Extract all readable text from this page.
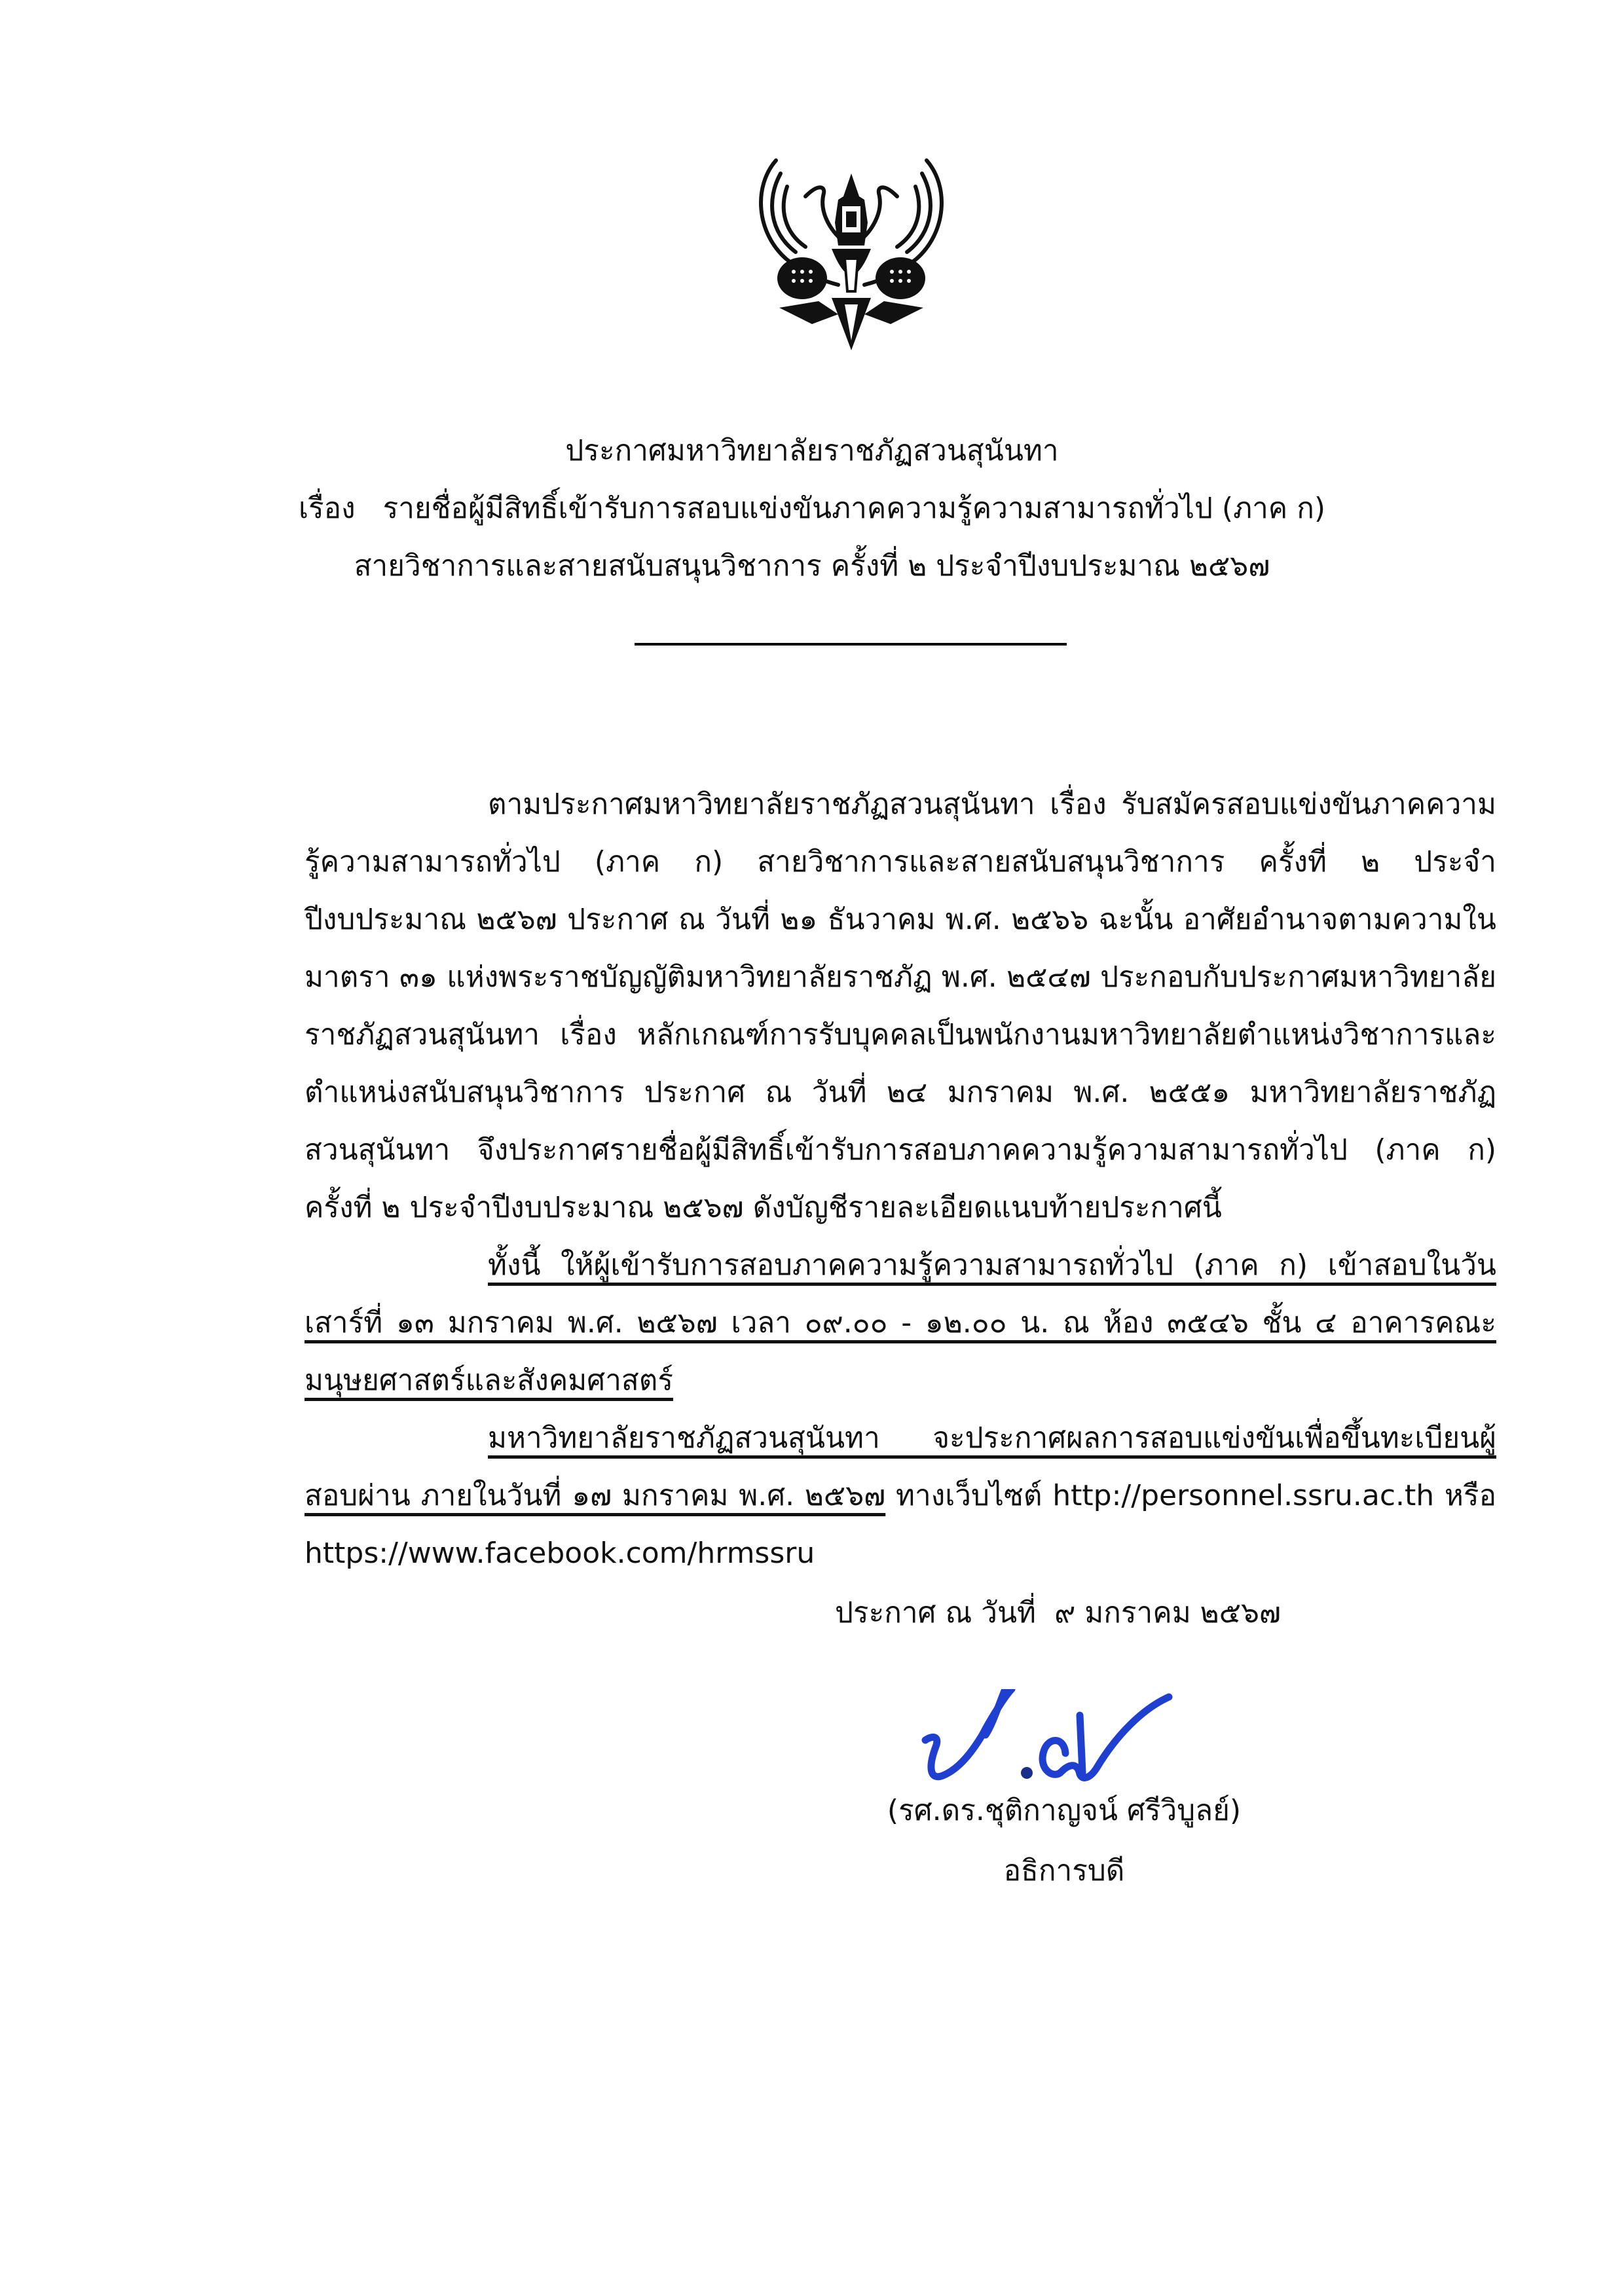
ประกาศมหาวิทยาลัยราชภัฏสวนสุนันทา
เรื่อง รายชื่อผู้มีสิทธิ์เข้ารับการสอบแข่งขันภาคความรู้ความสามารถทั่วไป (ภาค ก)
สายวิชาการและสายสนับสนุนวิชาการ ครั้งที่ ๒ ประจำปีงบประมาณ ๒๕๖๗

ตามประกาศมหาวิทยาลัยราชภัฏสวนสุนันทา เรื่อง รับสมัครสอบแข่งขันภาคความรู้ความสามารถทั่วไป (ภาค ก) สายวิชาการและสายสนับสนุนวิชาการ ครั้งที่ ๒ ประจำปีงบประมาณ ๒๕๖๗ ประกาศ ณ วันที่ ๒๑ ธันวาคม พ.ศ. ๒๕๖๖ ฉะนั้น อาศัยอำนาจตามความในมาตรา ๓๑ แห่งพระราชบัญญัติมหาวิทยาลัยราชภัฏ พ.ศ. ๒๕๔๗ ประกอบกับประกาศมหาวิทยาลัยราชภัฏสวนสุนันทา เรื่อง หลักเกณฑ์การรับบุคคลเป็นพนักงานมหาวิทยาลัยตำแหน่งวิชาการและตำแหน่งสนับสนุนวิชาการ ประกาศ ณ วันที่ ๒๔ มกราคม พ.ศ. ๒๕๕๑ มหาวิทยาลัยราชภัฏสวนสุนันทา จึงประกาศรายชื่อผู้มีสิทธิ์เข้ารับการสอบภาคความรู้ความสามารถทั่วไป (ภาค ก) ครั้งที่ ๒ ประจำปีงบประมาณ ๒๕๖๗ ดังบัญชีรายละเอียดแนบท้ายประกาศนี้

ทั้งนี้ ให้ผู้เข้ารับการสอบภาคความรู้ความสามารถทั่วไป (ภาค ก) เข้าสอบในวันเสาร์ที่ ๑๓ มกราคม พ.ศ. ๒๕๖๗ เวลา ๐๙.๐๐ - ๑๒.๐๐ น. ณ ห้อง ๓๕๔๖ ชั้น ๔ อาคารคณะมนุษยศาสตร์และสังคมศาสตร์

มหาวิทยาลัยราชภัฏสวนสุนันทา จะประกาศผลการสอบแข่งขันเพื่อขึ้นทะเบียนผู้สอบผ่าน ภายในวันที่ ๑๗ มกราคม พ.ศ. ๒๕๖๗ ทางเว็บไซต์ http://personnel.ssru.ac.th หรือ https://www.facebook.com/hrmssru

ประกาศ ณ วันที่ ๙ มกราคม ๒๕๖๗
(รศ.ดร.ชุติกาญจน์ ศรีวิบูลย์)
อธิการบดี
